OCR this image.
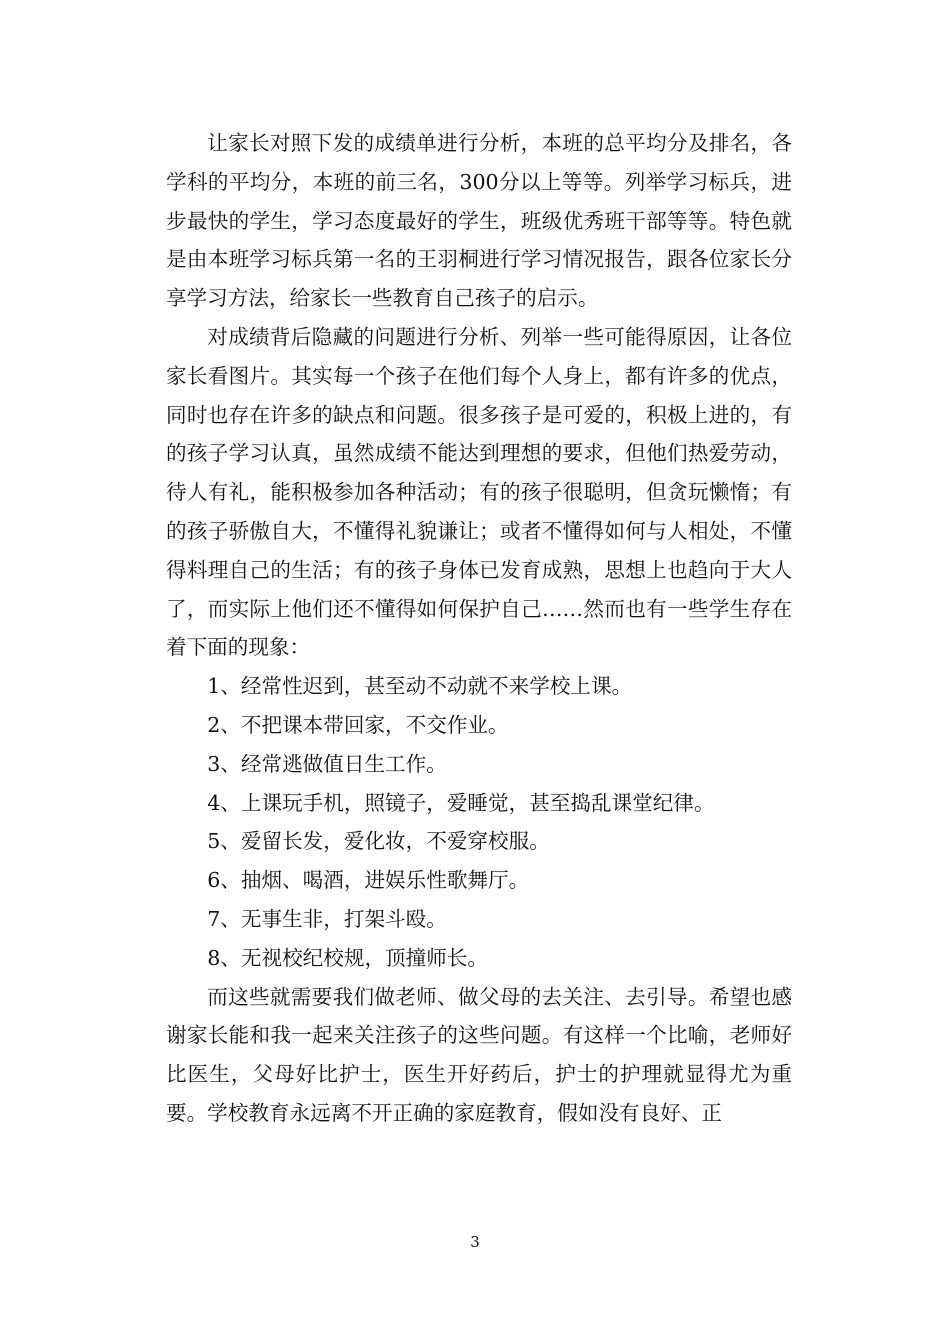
让家长对照下发的成绩单进行分析，本班的总平均分及排名，各学科的平均分，本班的前三名，300分以上等等。列举学习标兵，进步最快的学生，学习态度最好的学生，班级优秀班干部等等。特色就是由本班学习标兵第一名的王羽桐进行学习情况报告，跟各位家长分享学习方法，给家长一些教育自己孩子的启示。

对成绩背后隐藏的问题进行分析、列举一些可能得原因，让各位家长看图片。其实每一个孩子在他们每个人身上，都有许多的优点，同时也存在许多的缺点和问题。很多孩子是可爱的，积极上进的，有的孩子学习认真，虽然成绩不能达到理想的要求，但他们热爱劳动，待人有礼，能积极参加各种活动；有的孩子很聪明，但贪玩懒惰；有的孩子骄傲自大，不懂得礼貌谦让；或者不懂得如何与人相处，不懂得料理自己的生活；有的孩子身体已发育成熟，思想上也趋向于大人了，而实际上他们还不懂得如何保护自己……然而也有一些学生存在着下面的现象：

1、经常性迟到，甚至动不动就不来学校上课。
2、不把课本带回家，不交作业。
3、经常逃做值日生工作。
4、上课玩手机，照镜子，爱睡觉，甚至捣乱课堂纪律。
5、爱留长发，爱化妆，不爱穿校服。
6、抽烟、喝酒，进娱乐性歌舞厅。
7、无事生非，打架斗殴。
8、无视校纪校规，顶撞师长。

而这些就需要我们做老师、做父母的去关注、去引导。希望也感谢家长能和我一起来关注孩子的这些问题。有这样一个比喻，老师好比医生，父母好比护士，医生开好药后，护士的护理就显得尤为重要。学校教育永远离不开正确的家庭教育，假如没有良好、正

3
